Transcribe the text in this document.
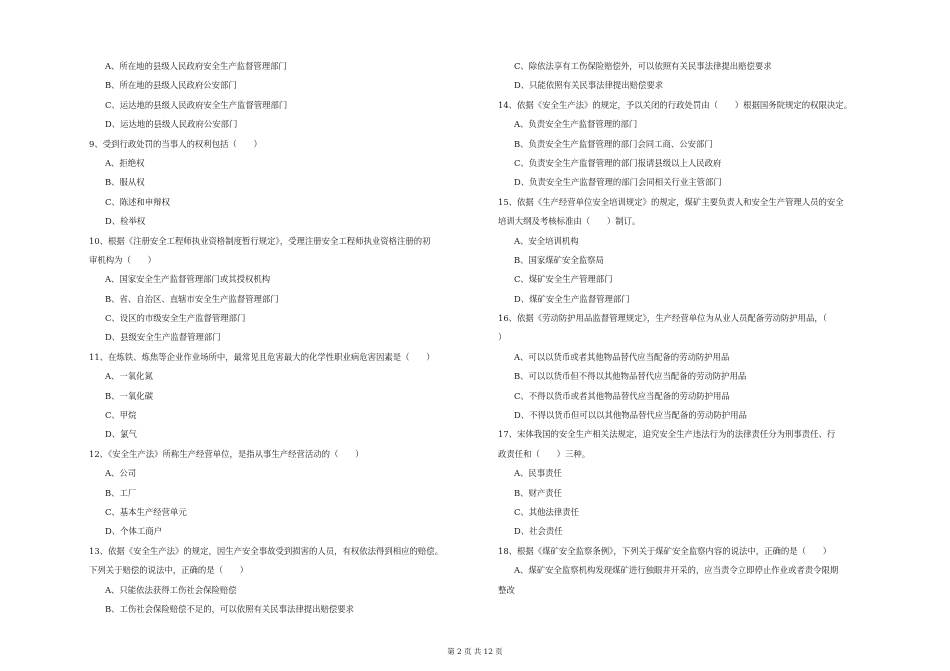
A、所在地的县级人民政府安全生产监督管理部门
B、所在地的县级人民政府公安部门
C、运达地的县级人民政府安全生产监督管理部门
D、运达地的县级人民政府公安部门
9、受到行政处罚的当事人的权利包括（　　）
A、拒绝权
B、服从权
C、陈述和申辩权
D、检举权
10、根据《注册安全工程师执业资格制度暂行规定》，受理注册安全工程师执业资格注册的初
审机构为（　　）
A、国家安全生产监督管理部门或其授权机构
B、省、自治区、直辖市安全生产监督管理部门
C、设区的市级安全生产监督管理部门
D、县级安全生产监督管理部门
11、在炼铁、炼焦等企业作业场所中，最常见且危害最大的化学性职业病危害因素是（　　）
A、一氧化氮
B、一氧化碳
C、甲烷
D、氯气
12、《安全生产法》所称生产经营单位，是指从事生产经营活动的（　　）
A、公司
B、工厂
C、基本生产经营单元
D、个体工商户
13、依据《安全生产法》的规定，因生产安全事故受到损害的人员，有权依法得到相应的赔偿。
下列关于赔偿的说法中，正确的是（　　）
A、只能依法获得工伤社会保险赔偿
B、工伤社会保险赔偿不足的，可以依照有关民事法律提出赔偿要求
C、除依法享有工伤保险赔偿外，可以依照有关民事法律提出赔偿要求
D、只能依照有关民事法律提出赔偿要求
14、依据《安全生产法》的规定，予以关闭的行政处罚由（　　）根据国务院规定的权限决定。
A、负责安全生产监督管理的部门
B、负责安全生产监督管理的部门会同工商、公安部门
C、负责安全生产监督管理的部门报请县级以上人民政府
D、负责安全生产监督管理的部门会同相关行业主管部门
15、依据《生产经营单位安全培训规定》的规定，煤矿主要负责人和安全生产管理人员的安全
培训大纲及考核标准由（　　）制订。
A、安全培训机构
B、国家煤矿安全监察局
C、煤矿安全生产管理部门
D、煤矿安全生产监督管理部门
16、依据《劳动防护用品监督管理规定》，生产经营单位为从业人员配备劳动防护用品，（
）
A、可以以货币或者其他物品替代应当配备的劳动防护用品
B、可以以货币但不得以其他物品替代应当配备的劳动防护用品
C、不得以货币或者其他物品替代应当配备的劳动防护用品
D、不得以货币但可以以其他物品替代应当配备的劳动防护用品
17、宋体我国的安全生产相关法规定，追究安全生产违法行为的法律责任分为刑事责任、行
政责任和（　　）三种。
A、民事责任
B、财产责任
C、其他法律责任
D、社会责任
18、根据《煤矿安全监察条例》，下列关于煤矿安全监察内容的说法中，正确的是（　　）
A、煤矿安全监察机构发现煤矿进行独眼井开采的，应当责令立即停止作业或者责令限期
整改
第 2 页 共 12 页
